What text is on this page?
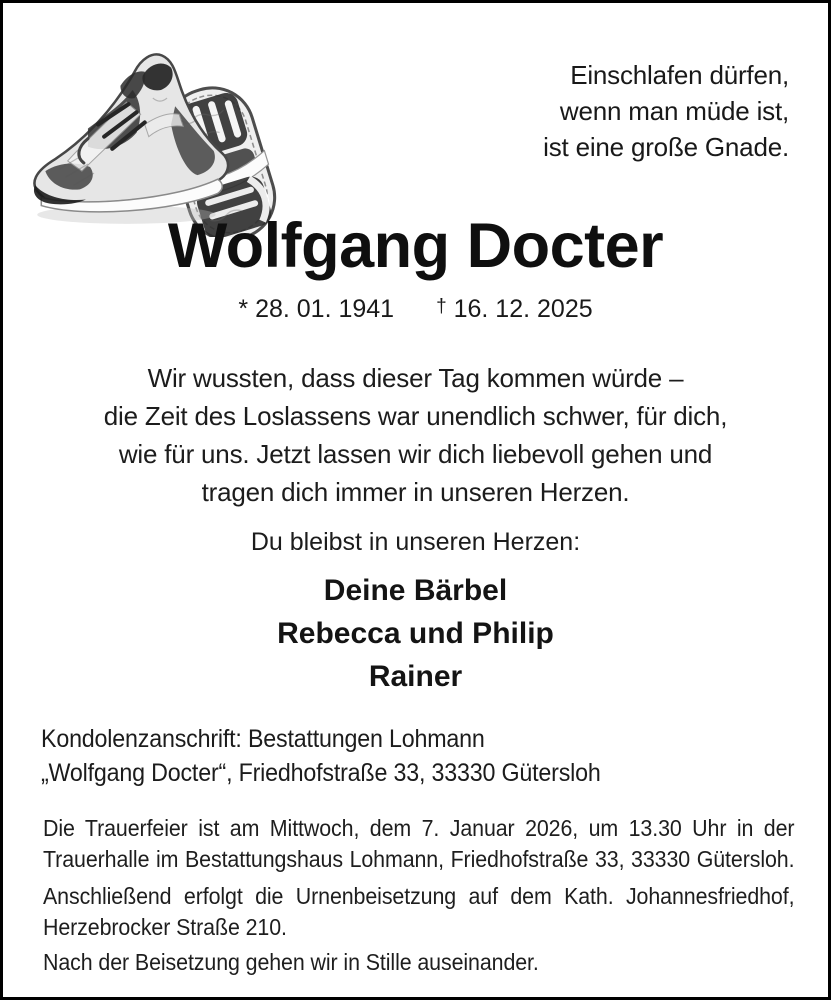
Einschlafen dürfen,
wenn man müde ist,
ist eine große Gnade.
Wolfgang Docter
* 28. 01. 1941 † 16. 12. 2025
Wir wussten, dass dieser Tag kommen würde –
die Zeit des Loslassens war unendlich schwer, für dich,
wie für uns. Jetzt lassen wir dich liebevoll gehen und
tragen dich immer in unseren Herzen.
Du bleibst in unseren Herzen:
Deine Bärbel
Rebecca und Philip
Rainer
Kondolenzanschrift: Bestattungen Lohmann
„Wolfgang Docter“, Friedhofstraße 33, 33330 Gütersloh
Die Trauerfeier ist am Mittwoch, dem 7. Januar 2026, um 13.30 Uhr in der
Trauerhalle im Bestattungshaus Lohmann, Friedhofstraße 33, 33330 Gütersloh.
Anschließend erfolgt die Urnenbeisetzung auf dem Kath. Johannesfriedhof,
Herzebrocker Straße 210.
Nach der Beisetzung gehen wir in Stille auseinander.
